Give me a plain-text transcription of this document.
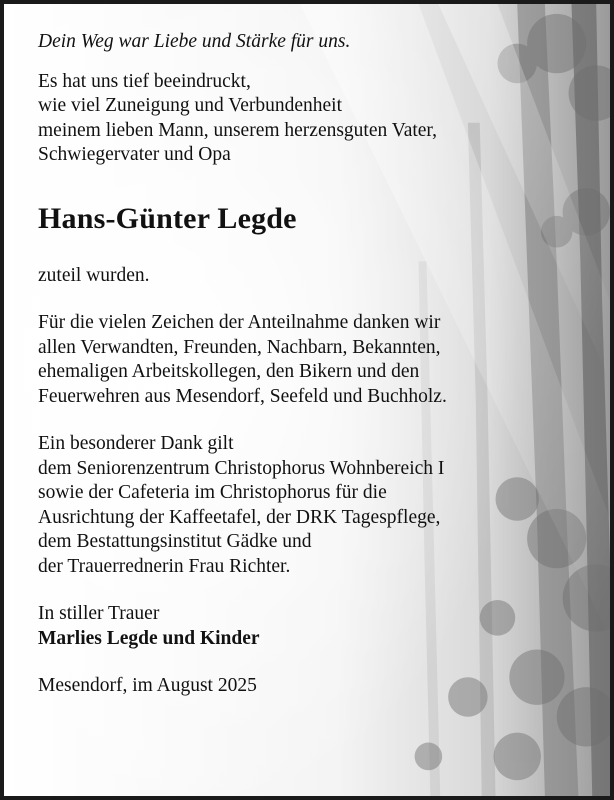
Dein Weg war Liebe und Stärke für uns.

Es hat uns tief beeindruckt,
wie viel Zuneigung und Verbundenheit
meinem lieben Mann, unserem herzensguten Vater,
Schwiegervater und Opa

Hans-Günter Legde

zuteil wurden.

Für die vielen Zeichen der Anteilnahme danken wir
allen Verwandten, Freunden, Nachbarn, Bekannten,
ehemaligen Arbeitskollegen, den Bikern und den
Feuerwehren aus Mesendorf, Seefeld und Buchholz.

Ein besonderer Dank gilt
dem Seniorenzentrum Christophorus Wohnbereich I
sowie der Cafeteria im Christophorus für die
Ausrichtung der Kaffeetafel, der DRK Tagespflege,
dem Bestattungsinstitut Gädke und
der Trauerrednerin Frau Richter.

In stiller Trauer
Marlies Legde und Kinder

Mesendorf, im August 2025
